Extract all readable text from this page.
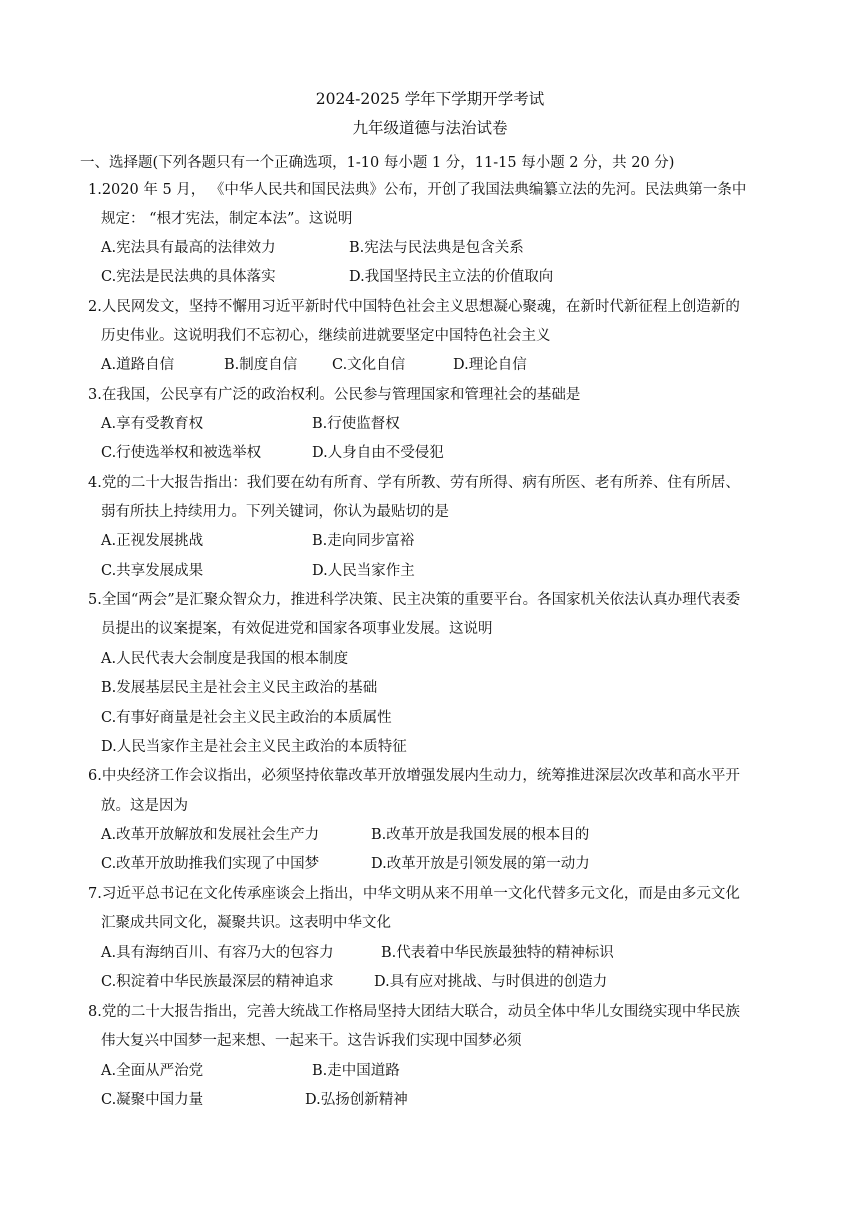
2024-2025 学年下学期开学考试
九年级道德与法治试卷
一、选择题(下列各题只有一个正确选项，1-10 每小题 1 分，11-15 每小题 2 分，共 20 分)
1.2020 年 5 月， 《中华人民共和国民法典》公布，开创了我国法典编纂立法的先河。民法典第一条中
规定： “根才宪法，制定本法”。这说明
A.宪法具有最高的法律效力	B.宪法与民法典是包含关系
C.宪法是民法典的具体落实	D.我国坚持民主立法的价值取向
2.人民网发文，坚持不懈用习近平新时代中国特色社会主义思想凝心聚魂，在新时代新征程上创造新的
历史伟业。这说明我们不忘初心，继续前进就要坚定中国特色社会主义
A.道路自信	B.制度自信 C.文化自信	D.理论自信
3.在我国，公民享有广泛的政治权利。公民参与管理国家和管理社会的基础是
A.享有受教育权	B.行使监督权
C.行使选举权和被选举权	D.人身自由不受侵犯
4.党的二十大报告指出：我们要在幼有所育、学有所教、劳有所得、病有所医、老有所养、住有所居、
弱有所扶上持续用力。下列关键词，你认为最贴切的是
A.正视发展挑战	B.走向同步富裕
C.共享发展成果	D.人民当家作主
5.全国“两会”是汇聚众智众力，推进科学决策、民主决策的重要平台。各国家机关依法认真办理代表委
员提出的议案提案，有效促进党和国家各项事业发展。这说明
A.人民代表大会制度是我国的根本制度
B.发展基层民主是社会主义民主政治的基础
C.有事好商量是社会主义民主政治的本质属性
D.人民当家作主是社会主义民主政治的本质特征
6.中央经济工作会议指出，必须坚持依靠改革开放增强发展内生动力，统筹推进深层次改革和高水平开
放。这是因为
A.改革开放解放和发展社会生产力	B.改革开放是我国发展的根本目的
C.改革开放助推我们实现了中国梦	D.改革开放是引领发展的第一动力
7.习近平总书记在文化传承座谈会上指出，中华文明从来不用单一文化代替多元文化，而是由多元文化
汇聚成共同文化，凝聚共识。这表明中华文化
A.具有海纳百川、有容乃大的包容力	B.代表着中华民族最独特的精神标识
C.积淀着中华民族最深层的精神追求	D.具有应对挑战、与时俱进的创造力
8.党的二十大报告指出，完善大统战工作格局坚持大团结大联合，动员全体中华儿女围绕实现中华民族
伟大复兴中国梦一起来想、一起来干。这告诉我们实现中国梦必须
A.全面从严治党	B.走中国道路
C.凝聚中国力量	D.弘扬创新精神
